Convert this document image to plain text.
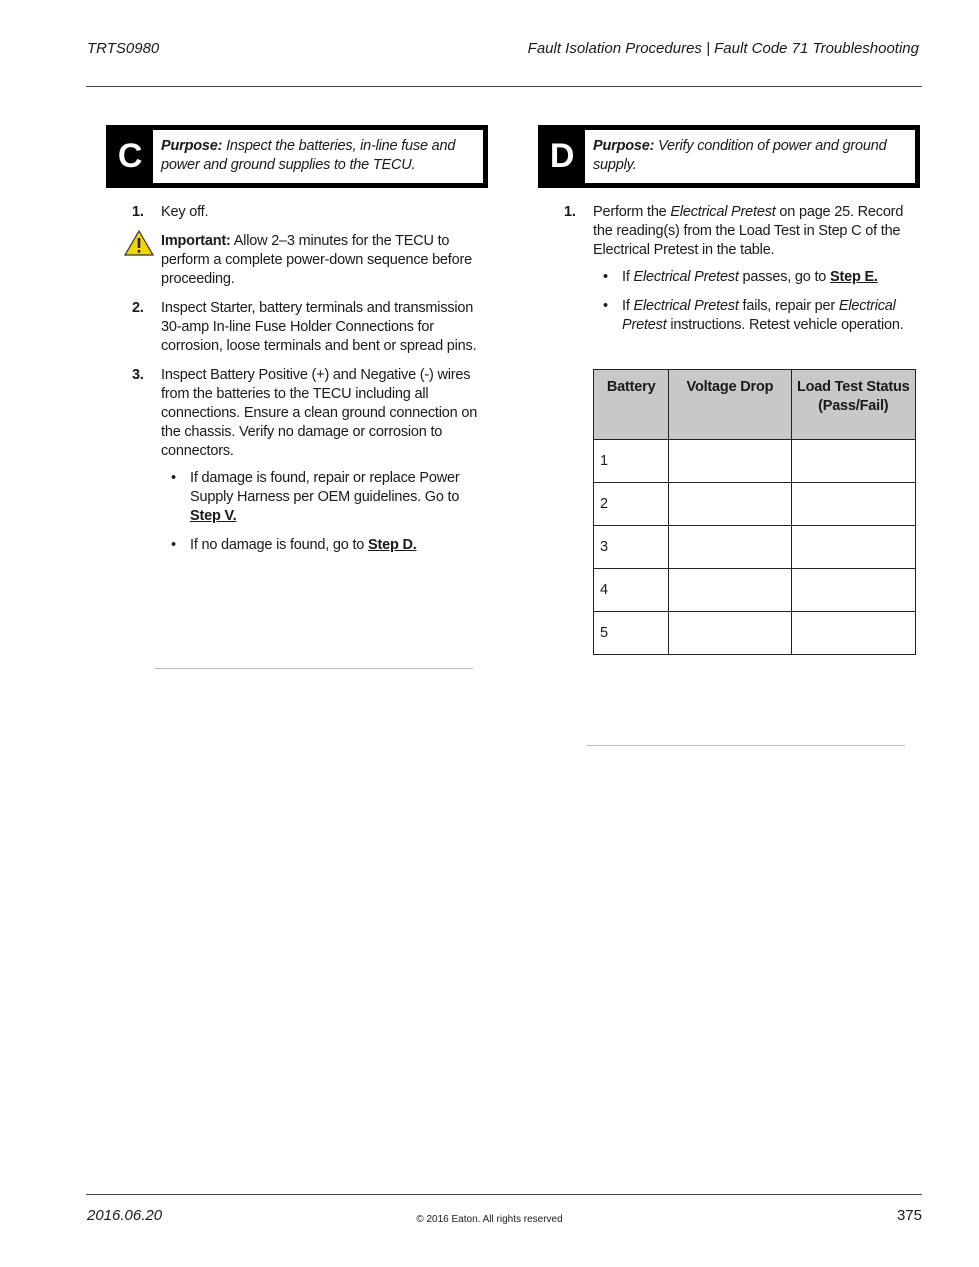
TRTS0980	Fault Isolation Procedures | Fault Code 71 Troubleshooting
C	Purpose: Inspect the batteries, in-line fuse and power and ground supplies to the TECU.
1. Key off.
Important: Allow 2–3 minutes for the TECU to perform a complete power-down sequence before proceeding.
2. Inspect Starter, battery terminals and transmission 30-amp In-line Fuse Holder Connections for corrosion, loose terminals and bent or spread pins.
3. Inspect Battery Positive (+) and Negative (-) wires from the batteries to the TECU including all connections. Ensure a clean ground connection on the chassis. Verify no damage or corrosion to connectors.
• If damage is found, repair or replace Power Supply Harness per OEM guidelines. Go to Step V.
• If no damage is found, go to Step D.
D	Purpose: Verify condition of power and ground supply.
1. Perform the Electrical Pretest on page 25. Record the reading(s) from the Load Test in Step C of the Electrical Pretest in the table.
• If Electrical Pretest passes, go to Step E.
• If Electrical Pretest fails, repair per Electrical Pretest instructions. Retest vehicle operation.
Battery	Voltage Drop	Load Test Status (Pass/Fail)
1		
2		
3		
4		
5		
2016.06.20	© 2016 Eaton. All rights reserved	375
